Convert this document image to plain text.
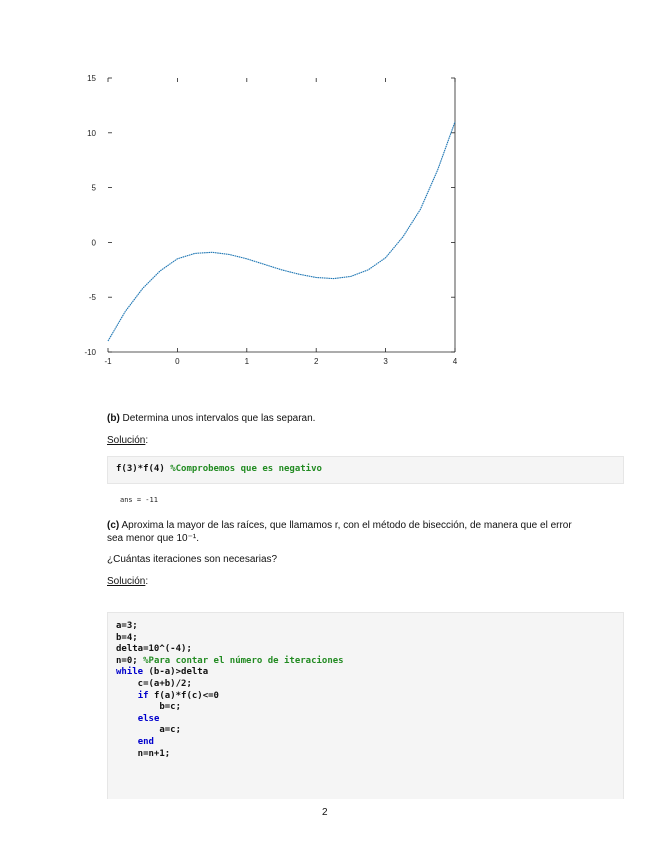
-1	0	1	2	3	4
-10
-5
0
5
10
15
(b) Determina unos intervalos que las separan.
Solución:
f(3)*f(4) %Comprobemos que es negativo
ans = -11
(c) Aproxima la mayor de las raíces, que llamamos r, con el método de bisección, de manera que el error
sea menor que 10⁻¹.
¿Cuántas iteraciones son necesarias?
Solución:
a=3;
b=4;
delta=10^(-4);
n=0; %Para contar el número de iteraciones
while (b-a)>delta
c=(a+b)/2;
if f(a)*f(c)<=0
b=c;
else
a=c;
end
n=n+1;
2
